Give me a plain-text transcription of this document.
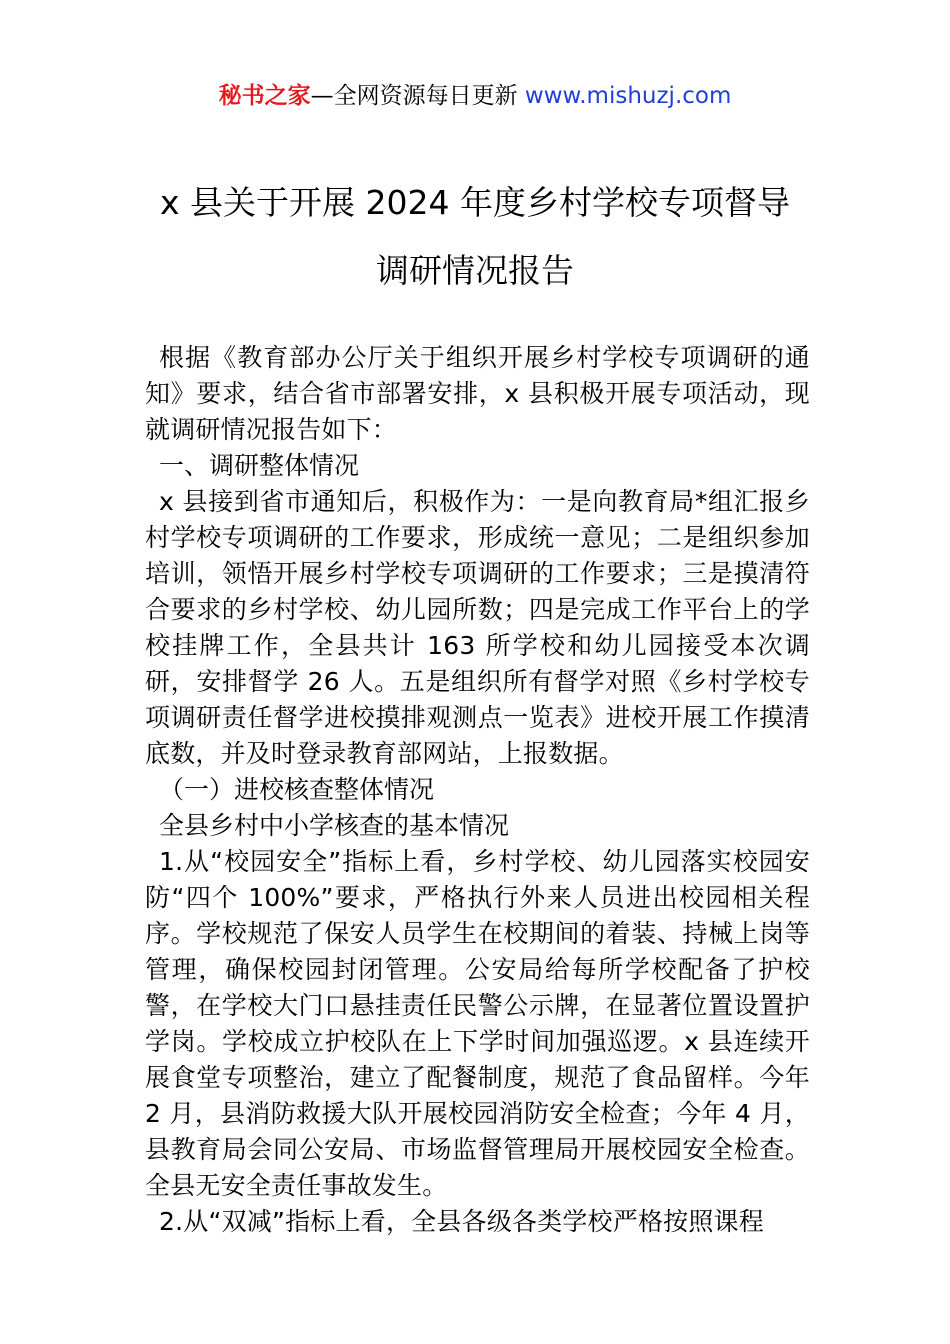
秘书之家—全网资源每日更新 www.mishuzj.com
x 县关于开展 2024 年度乡村学校专项督导
调研情况报告

根据《教育部办公厅关于组织开展乡村学校专项调研的通知》要求，结合省市部署安排，x 县积极开展专项活动，现就调研情况报告如下：

一、调研整体情况

x 县接到省市通知后，积极作为：一是向教育局*组汇报乡村学校专项调研的工作要求，形成统一意见；二是组织参加培训，领悟开展乡村学校专项调研的工作要求；三是摸清符合要求的乡村学校、幼儿园所数；四是完成工作平台上的学校挂牌工作，全县共计 163 所学校和幼儿园接受本次调研，安排督学 26 人。五是组织所有督学对照《乡村学校专项调研责任督学进校摸排观测点一览表》进校开展工作摸清底数，并及时登录教育部网站，上报数据。

（一）进校核查整体情况

全县乡村中小学核查的基本情况

1.从“校园安全”指标上看，乡村学校、幼儿园落实校园安防“四个 100%”要求，严格执行外来人员进出校园相关程序。学校规范了保安人员学生在校期间的着装、持械上岗等管理，确保校园封闭管理。公安局给每所学校配备了护校警，在学校大门口悬挂责任民警公示牌，在显著位置设置护学岗。学校成立护校队在上下学时间加强巡逻。x 县连续开展食堂专项整治，建立了配餐制度，规范了食品留样。今年 2 月，县消防救援大队开展校园消防安全检查；今年 4 月，县教育局会同公安局、市场监督管理局开展校园安全检查。全县无安全责任事故发生。

2.从“双减”指标上看，全县各级各类学校严格按照课程
